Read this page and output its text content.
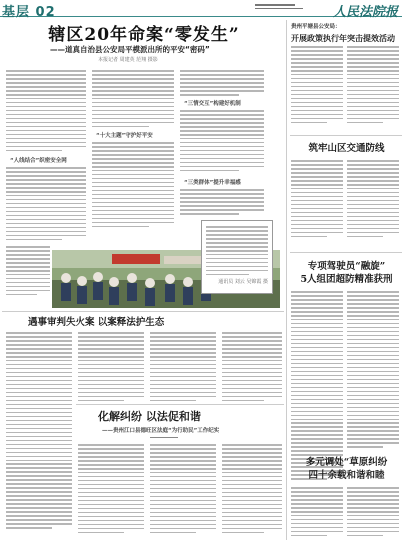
基层 02	人民法院报
辖区20年命案“零发生”
——道真自治县公安局平模派出所的平安“密码”
本报记者 周建英 范翔 摄影
“人线结合”织密安全网
“十大主题”守护好平安
“三情交互”构建好机制
“三类群体”提升幸福感
通讯员 刘云 吴锦霞 摄
贵州平塘县公安局：
开展政策执行年突击提效活动
筑牢山区交通防线
专项驾驶员“融旋”
5人组团超防精准获刑
多元调处“草原纠纷
四十余载和谐和睦
遇事审判失火案 以案释法护生态
化解纠纷 以法促和谐
——贵州江口县德旺区法庭“为行助民”工作纪实
